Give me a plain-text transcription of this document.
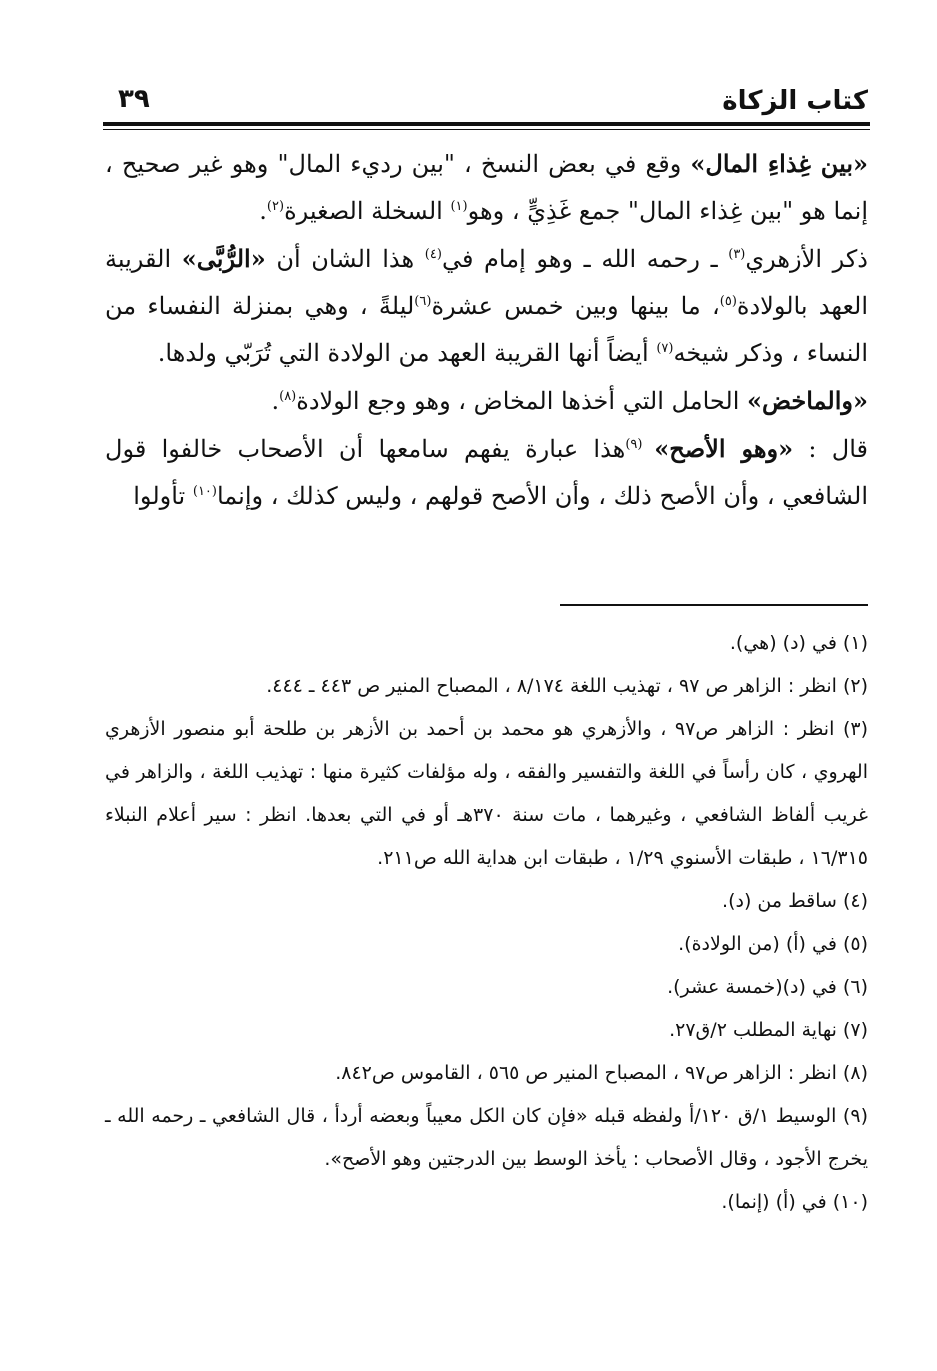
كتاب الزكاة
٣٩

«بين غِذاءِ المال» وقع في بعض النسخ ، "بين رديء المال" وهو غير صحيح ، إنما هو "بين غِذاء المال" جمع غَذِيٍّ ، وهو$^{(١)}$ السخلة الصغيرة$^{(٢)}$.

ذكر الأزهري$^{(٣)}$ ـ رحمه الله ـ وهو إمام في$^{(٤)}$ هذا الشان أن «الرُّبَّى» القريبة العهد بالولادة$^{(٥)}$، ما بينها وبين خمس عشرة$^{(٦)}$ليلةً ، وهي بمنزلة النفساء من النساء ، وذكر شيخه$^{(٧)}$ أيضاً أنها القريبة العهد من الولادة التي تُرَبّي ولدها.

«والماخض» الحامل التي أخذها المخاض ، وهو وجع الولادة$^{(٨)}$.

قال : «وهو الأصح» $^{(٩)}$هذا عبارة يفهم سامعها أن الأصحاب خالفوا قول الشافعي ، وأن الأصح ذلك ، وأن الأصح قولهم ، وليس كذلك ، وإنما$^{(١٠)}$ تأولوا

(١) في (د) (هي).

(٢) انظر : الزاهر ص ٩٧ ، تهذيب اللغة ٨/١٧٤ ، المصباح المنير ص ٤٤٣ ـ ٤٤٤.

(٣) انظر : الزاهر ص٩٧ ، والأزهري هو محمد بن أحمد بن الأزهر بن طلحة أبو منصور الأزهري الهروي ، كان رأساً في اللغة والتفسير والفقه ، وله مؤلفات كثيرة منها : تهذيب اللغة ، والزاهر في غريب ألفاظ الشافعي ، وغيرهما ، مات سنة ٣٧٠هـ أو في التي بعدها. انظر : سير أعلام النبلاء ١٦/٣١٥ ، طبقات الأسنوي ١/٢٩ ، طبقات ابن هداية الله ص٢١١.

(٤) ساقط من (د).

(٥) في (أ) (من الولادة).

(٦) في (د)(خمسة عشر).

(٧) نهاية المطلب ٢/ق٢٧.

(٨) انظر : الزاهر ص٩٧ ، المصباح المنير ص ٥٦٥ ، القاموس ص٨٤٢.

(٩) الوسيط ١/ق ١٢٠/أ ولفظه قبله «فإن كان الكل معيباً وبعضه أردأ ، قال الشافعي ـ رحمه الله ـ يخرج الأجود ، وقال الأصحاب : يأخذ الوسط بين الدرجتين وهو الأصح».

(١٠) في (أ) (إنما).
